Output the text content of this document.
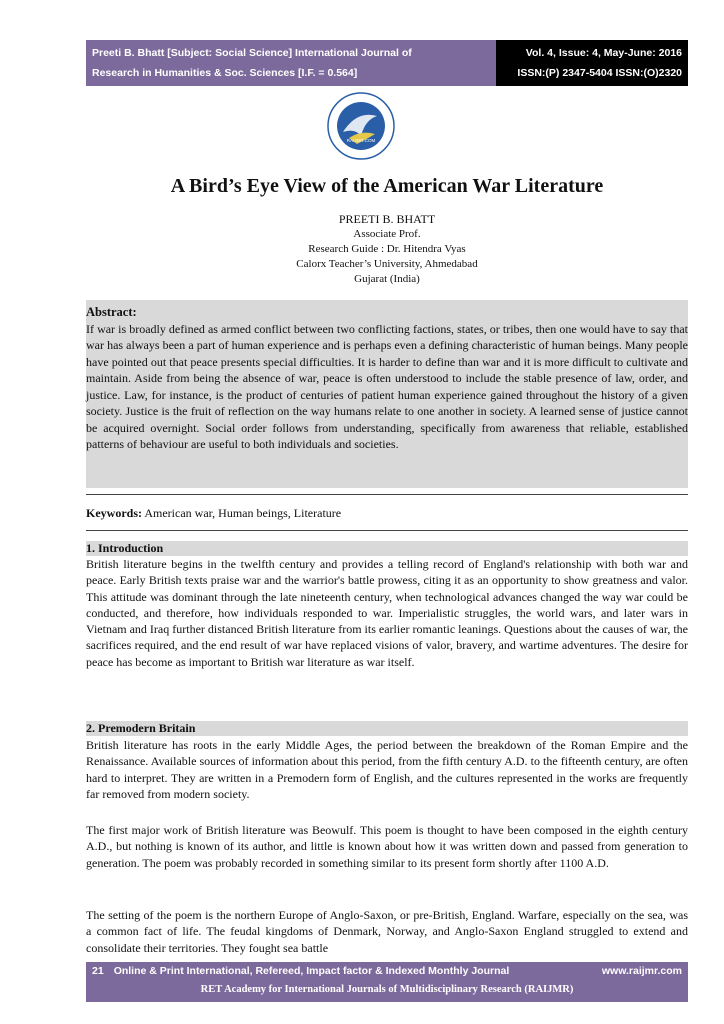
Preeti B. Bhatt [Subject: Social Science] International Journal of
Research in Humanities & Soc. Sciences [I.F. = 0.564]
Vol. 4, Issue: 4, May-June: 2016
ISSN:(P) 2347-5404 ISSN:(O)2320 771X
RAIJMR.COM
A Bird’s Eye View of the American War Literature
PREETI B. BHATT
Associate Prof.
Research Guide : Dr. Hitendra Vyas
Calorx Teacher’s University, Ahmedabad
Gujarat (India)
Abstract:
If war is broadly defined as armed conflict between two conflicting factions, states, or tribes, then one would have to say that war has always been a part of human experience and is perhaps even a defining characteristic of human beings. Many people have pointed out that peace presents special difficulties. It is harder to define than war and it is more difficult to cultivate and maintain. Aside from being the absence of war, peace is often understood to include the stable presence of law, order, and justice. Law, for instance, is the product of centuries of patient human experience gained throughout the history of a given society. Justice is the fruit of reflection on the way humans relate to one another in society. A learned sense of justice cannot be acquired overnight. Social order follows from understanding, specifically from awareness that reliable, established patterns of behaviour are useful to both individuals and societies.
Keywords: American war, Human beings, Literature
1. Introduction
British literature begins in the twelfth century and provides a telling record of England's relationship with both war and peace. Early British texts praise war and the warrior's battle prowess, citing it as an opportunity to show greatness and valor. This attitude was dominant through the late nineteenth century, when technological advances changed the way war could be conducted, and therefore, how individuals responded to war. Imperialistic struggles, the world wars, and later wars in Vietnam and Iraq further distanced British literature from its earlier romantic leanings. Questions about the causes of war, the sacrifices required, and the end result of war have replaced visions of valor, bravery, and wartime adventures. The desire for peace has become as important to British war literature as war itself.
2. Premodern Britain
British literature has roots in the early Middle Ages, the period between the breakdown of the Roman Empire and the Renaissance. Available sources of information about this period, from the fifth century A.D. to the fifteenth century, are often hard to interpret. They are written in a Premodern form of English, and the cultures represented in the works are frequently far removed from modern society.
The first major work of British literature was Beowulf. This poem is thought to have been composed in the eighth century A.D., but nothing is known of its author, and little is known about how it was written down and passed from generation to generation. The poem was probably recorded in something similar to its present form shortly after 1100 A.D.
The setting of the poem is the northern Europe of Anglo-Saxon, or pre-British, England. Warfare, especially on the sea, was a common fact of life. The feudal kingdoms of Denmark, Norway, and Anglo-Saxon England struggled to extend and consolidate their territories. They fought sea battle
21 Online & Print International, Refereed, Impact factor & Indexed Monthly Journal	www.raijmr.com
RET Academy for International Journals of Multidisciplinary Research (RAIJMR)
